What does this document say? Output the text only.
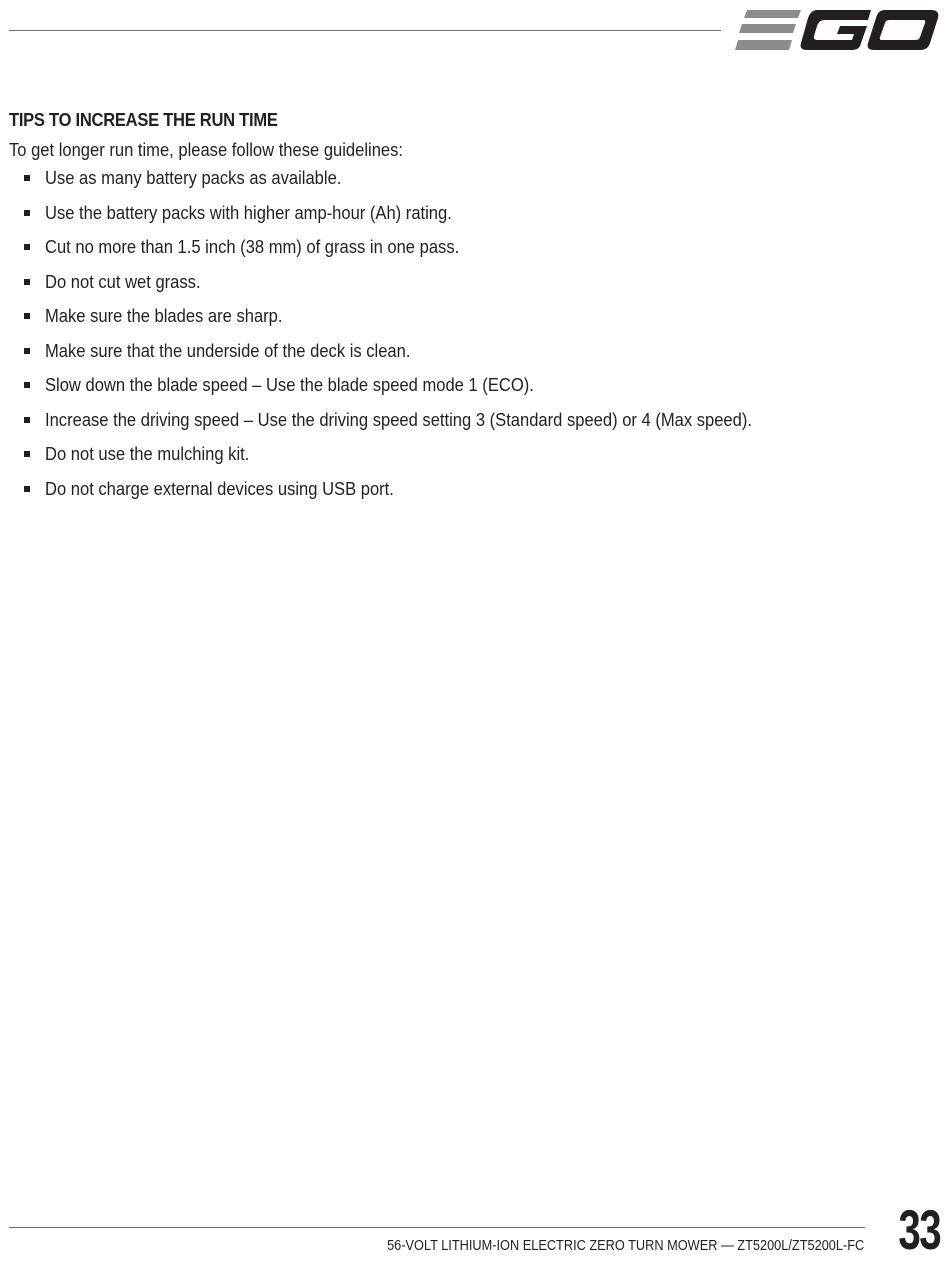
TIPS TO INCREASE THE RUN TIME

To get longer run time, please follow these guidelines:

Use as many battery packs as available.
Use the battery packs with higher amp-hour (Ah) rating.
Cut no more than 1.5 inch (38 mm) of grass in one pass.
Do not cut wet grass.
Make sure the blades are sharp.
Make sure that the underside of the deck is clean.
Slow down the blade speed – Use the blade speed mode 1 (ECO).
Increase the driving speed – Use the driving speed setting 3 (Standard speed) or 4 (Max speed).
Do not use the mulching kit.
Do not charge external devices using USB port.
56-VOLT LITHIUM-ION ELECTRIC ZERO TURN MOWER — ZT5200L/ZT5200L-FC 33
